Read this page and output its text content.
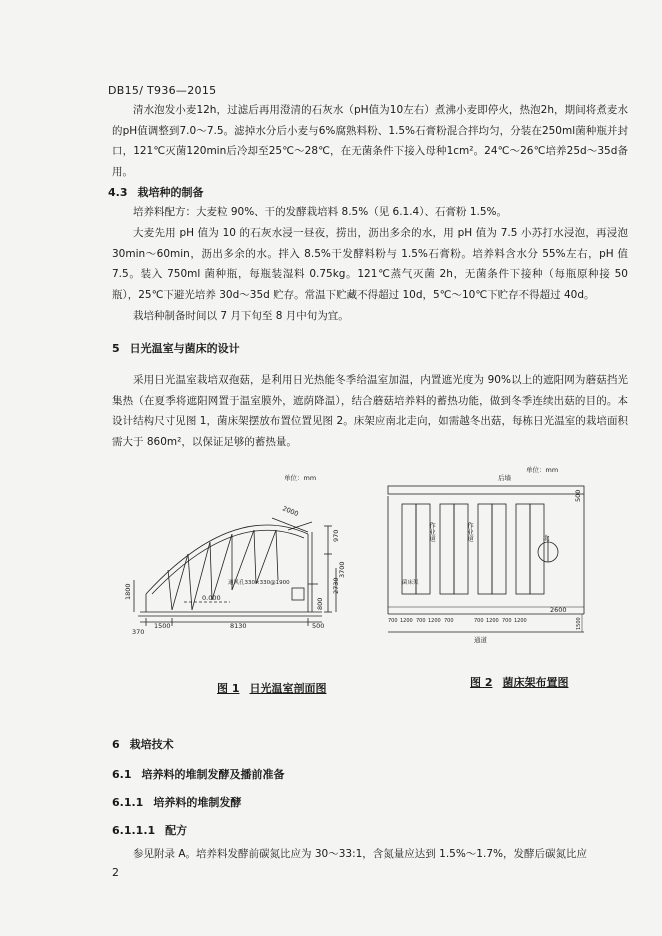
DB15/ T936—2015

清水泡发小麦12h，过滤后再用澄清的石灰水（pH值为10左右）煮沸小麦即停火，热泡2h，期间将煮麦水的pH值调整到7.0～7.5。滤掉水分后小麦与6%腐熟料粉、1.5%石膏粉混合拌均匀，分装在250ml菌种瓶并封口，121℃灭菌120min后冷却至25℃～28℃，在无菌条件下接入母种1cm²。24℃～26℃培养25d～35d备用。

4.3 栽培种的制备

培养料配方：大麦粒 90%、干的发酵栽培料 8.5%（见 6.1.4）、石膏粉 1.5%。

大麦先用 pH 值为 10 的石灰水浸一昼夜，捞出，沥出多余的水，用 pH 值为 7.5 小苏打水浸泡，再浸泡 30min～60min，沥出多余的水。拌入 8.5%干发酵料粉与 1.5%石膏粉。培养料含水分 55%左右，pH 值 7.5。装入 750ml 菌种瓶，每瓶装湿料 0.75kg。121℃蒸气灭菌 2h，无菌条件下接种（每瓶原种接 50 瓶），25℃下避光培养 30d～35d 贮存。常温下贮藏不得超过 10d，5℃～10℃下贮存不得超过 40d。

栽培种制备时间以 7 月下旬至 8 月中旬为宜。

5 日光温室与菌床的设计

采用日光温室栽培双孢菇，是利用日光热能冬季给温室加温，内置遮光度为 90%以上的遮阳网为蘑菇挡光集热（在夏季将遮阳网置于温室膜外，遮荫降温），结合蘑菇培养料的蓄热功能，做到冬季连续出菇的目的。本设计结构尺寸见图 1，菌床架摆放布置位置见图 2。床架应南北走向，如需越冬出菇，每栋日光温室的栽培面积需大于 860m²，以保证足够的蓄热量。

单位：mm
2000
970
3700
2730
1800
800
通风孔330×330@1900
0.000
370
1500	8130	500
图 1 日光温室剖面图
单位：mm
后墙
500
作业道	作业道
菌床架
北
700 1200 700 1200 700	700 1200 700 1200
2600
1500
通道
图 2 菌床架布置图
6 栽培技术
6.1 培养料的堆制发酵及播前准备
6.1.1 培养料的堆制发酵
6.1.1.1 配方

参见附录 A。培养料发酵前碳氮比应为 30～33:1，含氮量应达到 1.5%～1.7%，发酵后碳氮比应

2
